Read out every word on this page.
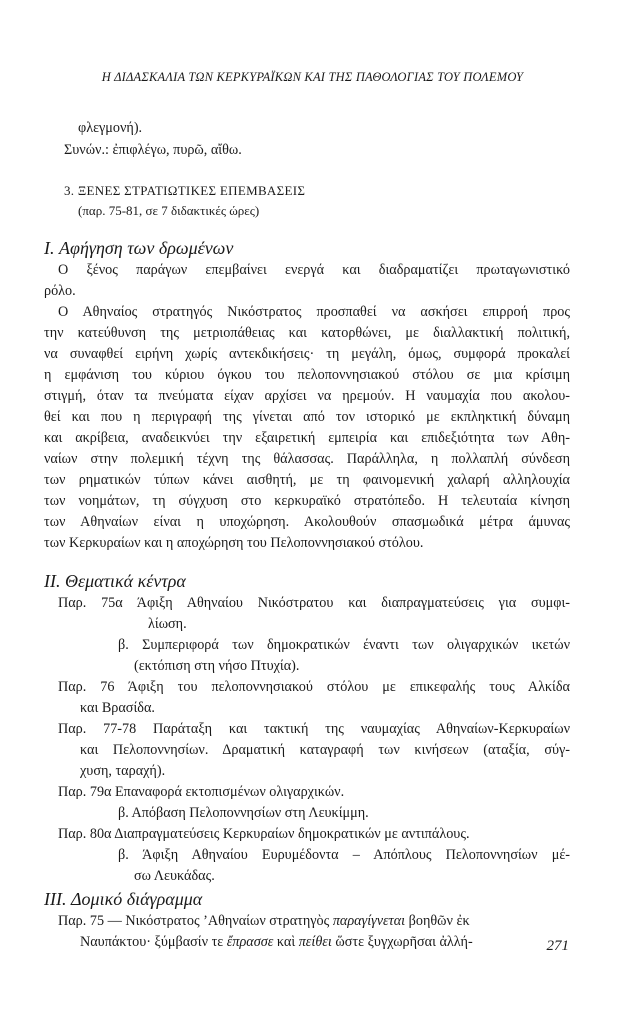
Η ΔΙΔΑΣΚΑΛΙΑ ΤΩΝ ΚΕΡΚΥΡΑΪΚΩΝ ΚΑΙ ΤΗΣ ΠΑΘΟΛΟΓΙΑΣ ΤΟΥ ΠΟΛΕΜΟΥ
φλεγμονή).
Συνών.: ἐπιφλέγω, πυρῶ, αἴθω.
3. ΞΕΝΕΣ ΣΤΡΑΤΙΩΤΙΚΕΣ ΕΠΕΜΒΑΣΕΙΣ
(παρ. 75-81, σε 7 διδακτικές ώρες)
I. Αφήγηση των δρωμένων
Ο ξένος παράγων επεμβαίνει ενεργά και διαδραματίζει πρωταγωνιστικό
ρόλο.
Ο Αθηναίος στρατηγός Νικόστρατος προσπαθεί να ασκήσει επιρροή προς
την κατεύθυνση της μετριοπάθειας και κατορθώνει, με διαλλακτική πολιτική,
να συναφθεί ειρήνη χωρίς αντεκδικήσεις· τη μεγάλη, όμως, συμφορά προκαλεί
η εμφάνιση του κύριου όγκου του πελοποννησιακού στόλου σε μια κρίσιμη
στιγμή, όταν τα πνεύματα είχαν αρχίσει να ηρεμούν. Η ναυμαχία που ακολου-
θεί και που η περιγραφή της γίνεται από τον ιστορικό με εκπληκτική δύναμη
και ακρίβεια, αναδεικνύει την εξαιρετική εμπειρία και επιδεξιότητα των Αθη-
ναίων στην πολεμική τέχνη της θάλασσας. Παράλληλα, η πολλαπλή σύνδεση
των ρηματικών τύπων κάνει αισθητή, με τη φαινομενική χαλαρή αλληλουχία
των νοημάτων, τη σύγχυση στο κερκυραϊκό στρατόπεδο. Η τελευταία κίνηση
των Αθηναίων είναι η υποχώρηση. Ακολουθούν σπασμωδικά μέτρα άμυνας
των Κερκυραίων και η αποχώρηση του Πελοποννησιακού στόλου.
II. Θεματικά κέντρα
Παρ. 75α Άφιξη Αθηναίου Νικόστρατου και διαπραγματεύσεις για συμφι-
λίωση.
β. Συμπεριφορά των δημοκρατικών έναντι των ολιγαρχικών ικετών
(εκτόπιση στη νήσο Πτυχία).
Παρ. 76 Άφιξη του πελοποννησιακού στόλου με επικεφαλής τους Αλκίδα
και Βρασίδα.
Παρ. 77-78 Παράταξη και τακτική της ναυμαχίας Αθηναίων-Κερκυραίων
και Πελοποννησίων. Δραματική καταγραφή των κινήσεων (αταξία, σύγ-
χυση, ταραχή).
Παρ. 79α Επαναφορά εκτοπισμένων ολιγαρχικών.
β. Απόβαση Πελοποννησίων στη Λευκίμμη.
Παρ. 80α Διαπραγματεύσεις Κερκυραίων δημοκρατικών με αντιπάλους.
β. Άφιξη Αθηναίου Ευρυμέδοντα – Απόπλους Πελοποννησίων μέ-
σω Λευκάδας.
III. Δομικό διάγραμμα
Παρ. 75 — Νικόστρατος ’Αθηναίων στρατηγὸς παραγίγνεται βοηθῶν ἐκ
Ναυπάκτου· ξύμβασίν τε ἔπρασσε καὶ πείθει ὥστε ξυγχωρῆσαι ἀλλή-	271
